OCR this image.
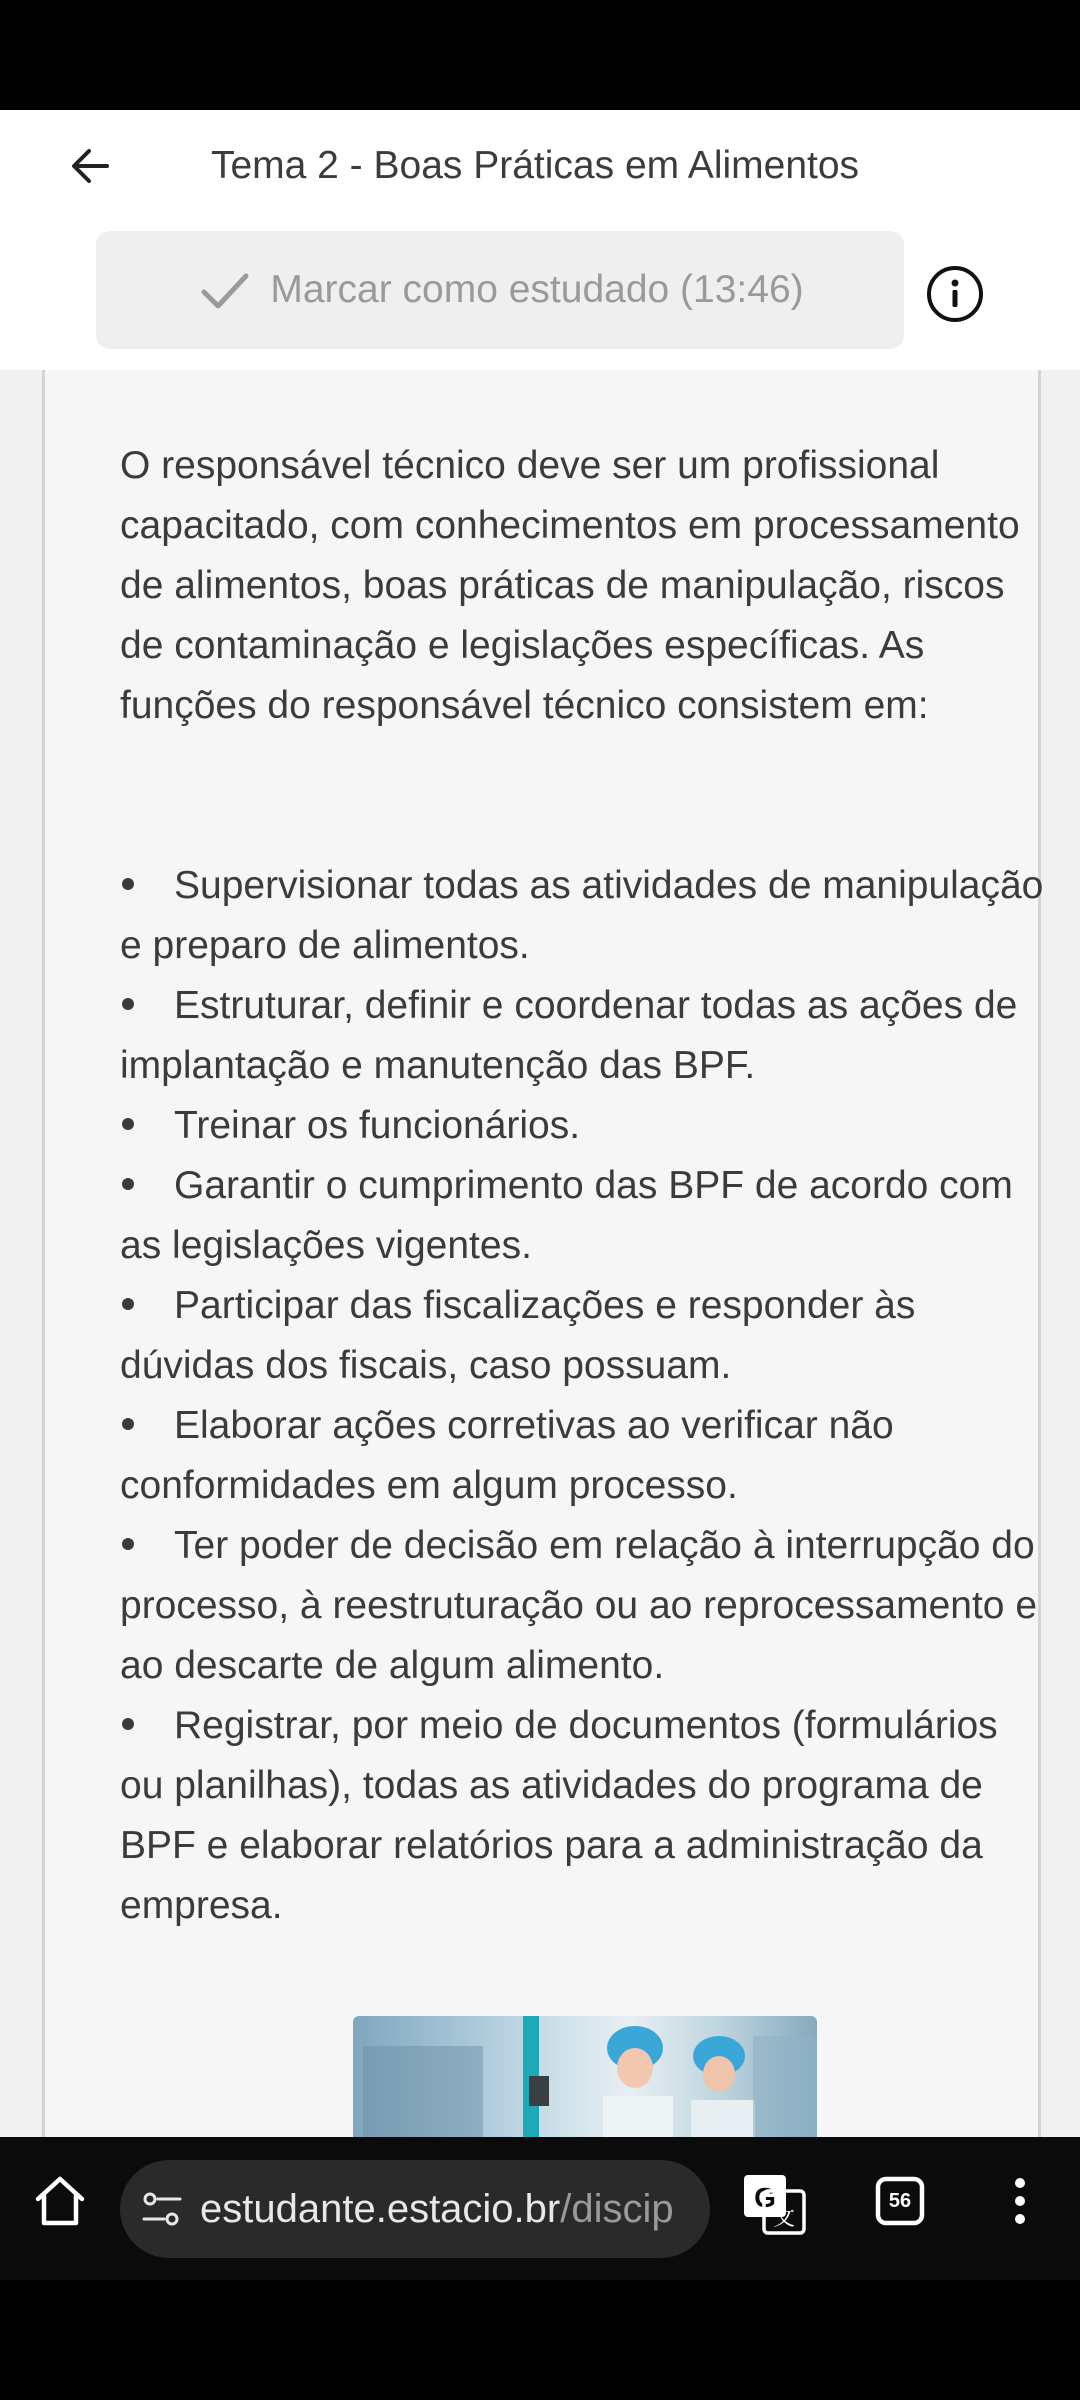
Tema 2 - Boas Práticas em Alimentos
Marcar como estudado (13:46)

O responsável técnico deve ser um profissional capacitado, com conhecimentos em processamento de alimentos, boas práticas de manipulação, riscos de contaminação e legislações específicas. As funções do responsável técnico consistem em:

Supervisionar todas as atividades de manipulação e preparo de alimentos.
Estruturar, definir e coordenar todas as ações de implantação e manutenção das BPF.
Treinar os funcionários.
Garantir o cumprimento das BPF de acordo com as legislações vigentes.
Participar das fiscalizações e responder às dúvidas dos fiscais, caso possuam.
Elaborar ações corretivas ao verificar não conformidades em algum processo.
Ter poder de decisão em relação à interrupção do processo, à reestruturação ou ao reprocessamento e ao descarte de algum alimento.
Registrar, por meio de documentos (formulários ou planilhas), todas as atividades do programa de BPF e elaborar relatórios para a administração da empresa.
G
文
56
estudante.estacio.br/discip
